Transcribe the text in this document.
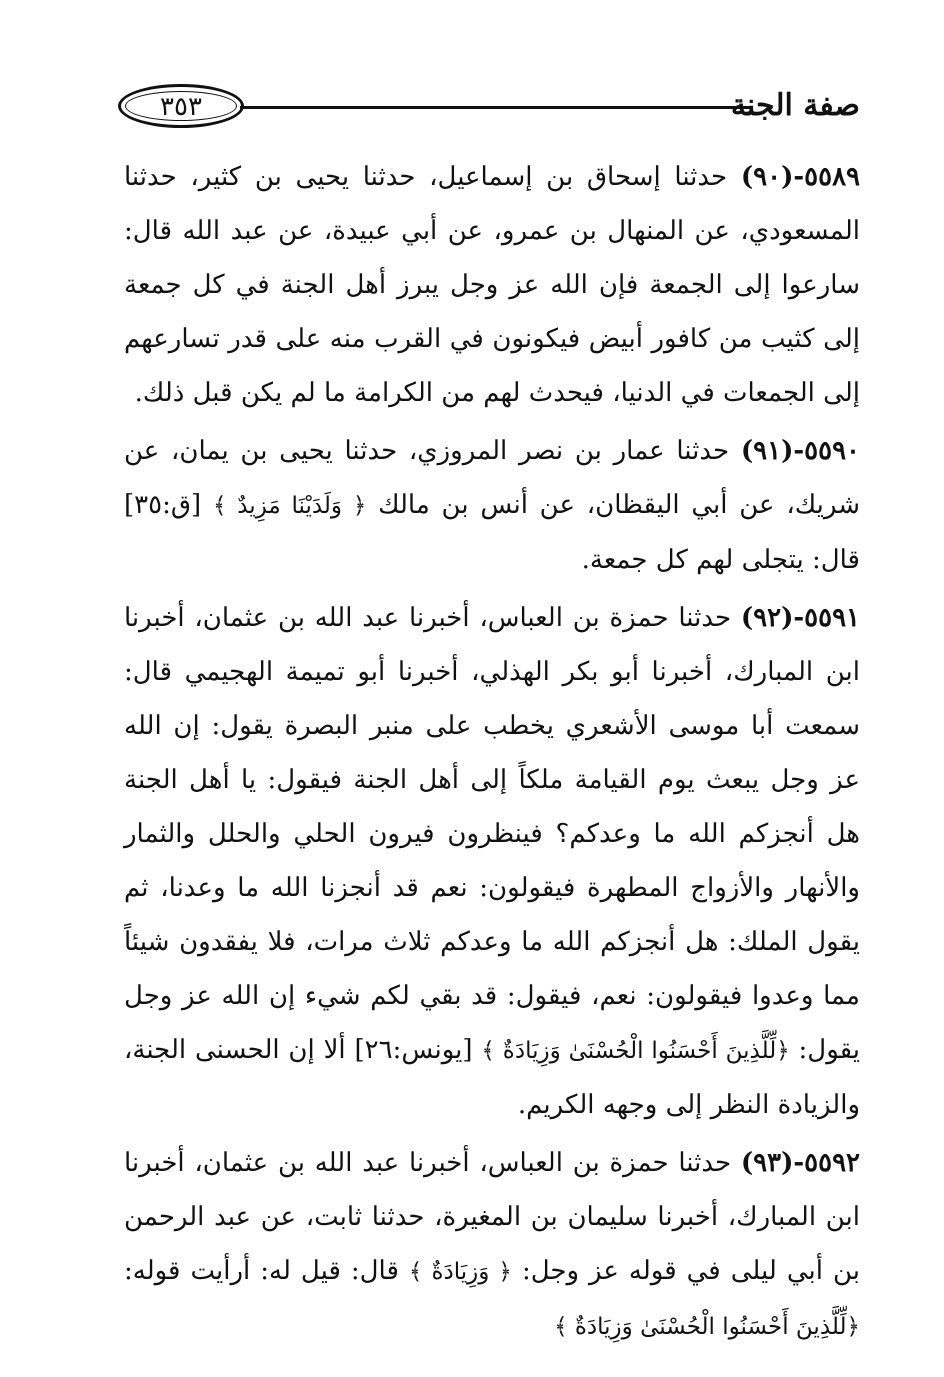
صفة الجنة
٣٥٣

٥٥٨٩-(٩٠) حدثنا إسحاق بن إسماعيل، حدثنا يحيى بن كثير، حدثنا المسعودي، عن المنهال بن عمرو، عن أبي عبيدة، عن عبد الله قال: سارعوا إلى الجمعة فإن الله عز وجل يبرز أهل الجنة في كل جمعة إلى كثيب من كافور أبيض فيكونون في القرب منه على قدر تسارعهم إلى الجمعات في الدنيا، فيحدث لهم من الكرامة ما لم يكن قبل ذلك.

٥٥٩٠-(٩١) حدثنا عمار بن نصر المروزي، حدثنا يحيى بن يمان، عن شريك، عن أبي اليقظان، عن أنس بن مالك ﴿ وَلَدَيْنَا مَزِيدٌ ﴾ [ق:٣٥] قال: يتجلى لهم كل جمعة.

٥٥٩١-(٩٢) حدثنا حمزة بن العباس، أخبرنا عبد الله بن عثمان، أخبرنا ابن المبارك، أخبرنا أبو بكر الهذلي، أخبرنا أبو تميمة الهجيمي قال: سمعت أبا موسى الأشعري يخطب على منبر البصرة يقول: إن الله عز وجل يبعث يوم القيامة ملكاً إلى أهل الجنة فيقول: يا أهل الجنة هل أنجزكم الله ما وعدكم؟ فينظرون فيرون الحلي والحلل والثمار والأنهار والأزواج المطهرة فيقولون: نعم قد أنجزنا الله ما وعدنا، ثم يقول الملك: هل أنجزكم الله ما وعدكم ثلاث مرات، فلا يفقدون شيئاً مما وعدوا فيقولون: نعم، فيقول: قد بقي لكم شيء إن الله عز وجل يقول: ﴿لِّلَّذِينَ أَحْسَنُوا الْحُسْنَىٰ وَزِيَادَةٌ ﴾ [يونس:٢٦] ألا إن الحسنى الجنة، والزيادة النظر إلى وجهه الكريم.

٥٥٩٢-(٩٣) حدثنا حمزة بن العباس، أخبرنا عبد الله بن عثمان، أخبرنا ابن المبارك، أخبرنا سليمان بن المغيرة، حدثنا ثابت، عن عبد الرحمن بن أبي ليلى في قوله عز وجل: ﴿ وَزِيَادَةٌ ﴾ قال: قيل له: أرأيت قوله: ﴿لِّلَّذِينَ أَحْسَنُوا الْحُسْنَىٰ وَزِيَادَةٌ ﴾
